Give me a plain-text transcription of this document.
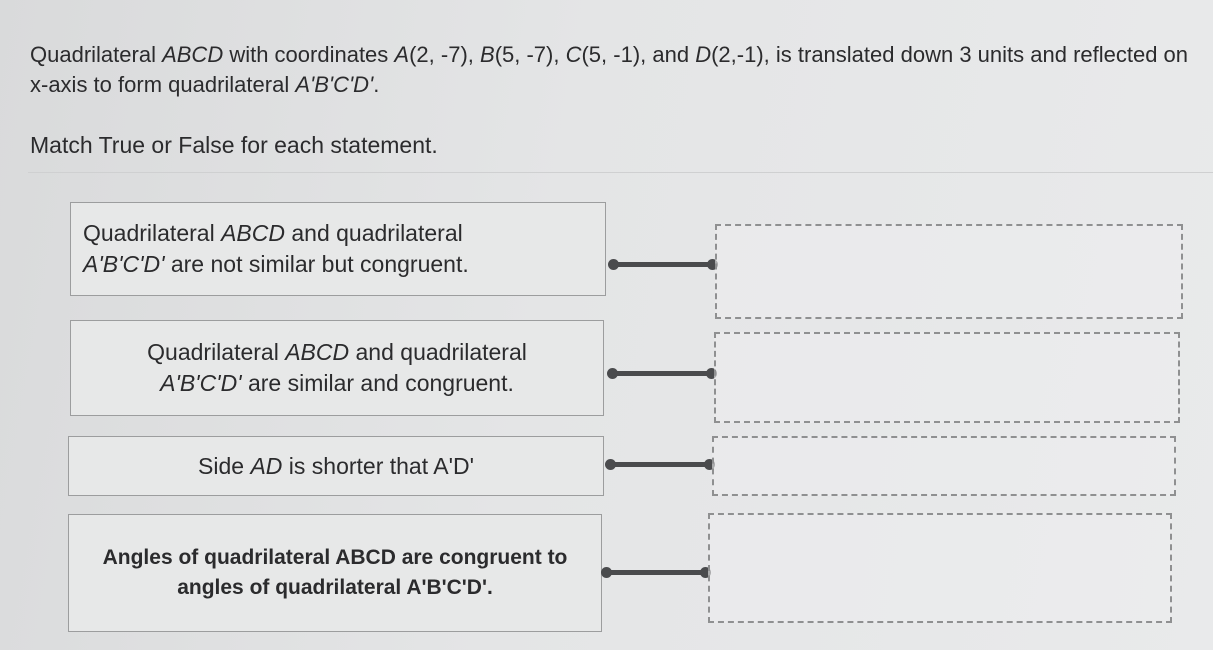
Quadrilateral ABCD with coordinates A(2, -7), B(5, -7), C(5, -1), and D(2,-1), is translated down 3 units and reflected on x-axis to form quadrilateral A'B'C'D'.

Match True or False for each statement.
Quadrilateral ABCD and quadrilateral
A'B'C'D' are not similar but congruent.
Quadrilateral ABCD and quadrilateral
A'B'C'D' are similar and congruent.
Side AD is shorter that A'D'
Angles of quadrilateral ABCD are congruent to angles of quadrilateral A'B'C'D'.
